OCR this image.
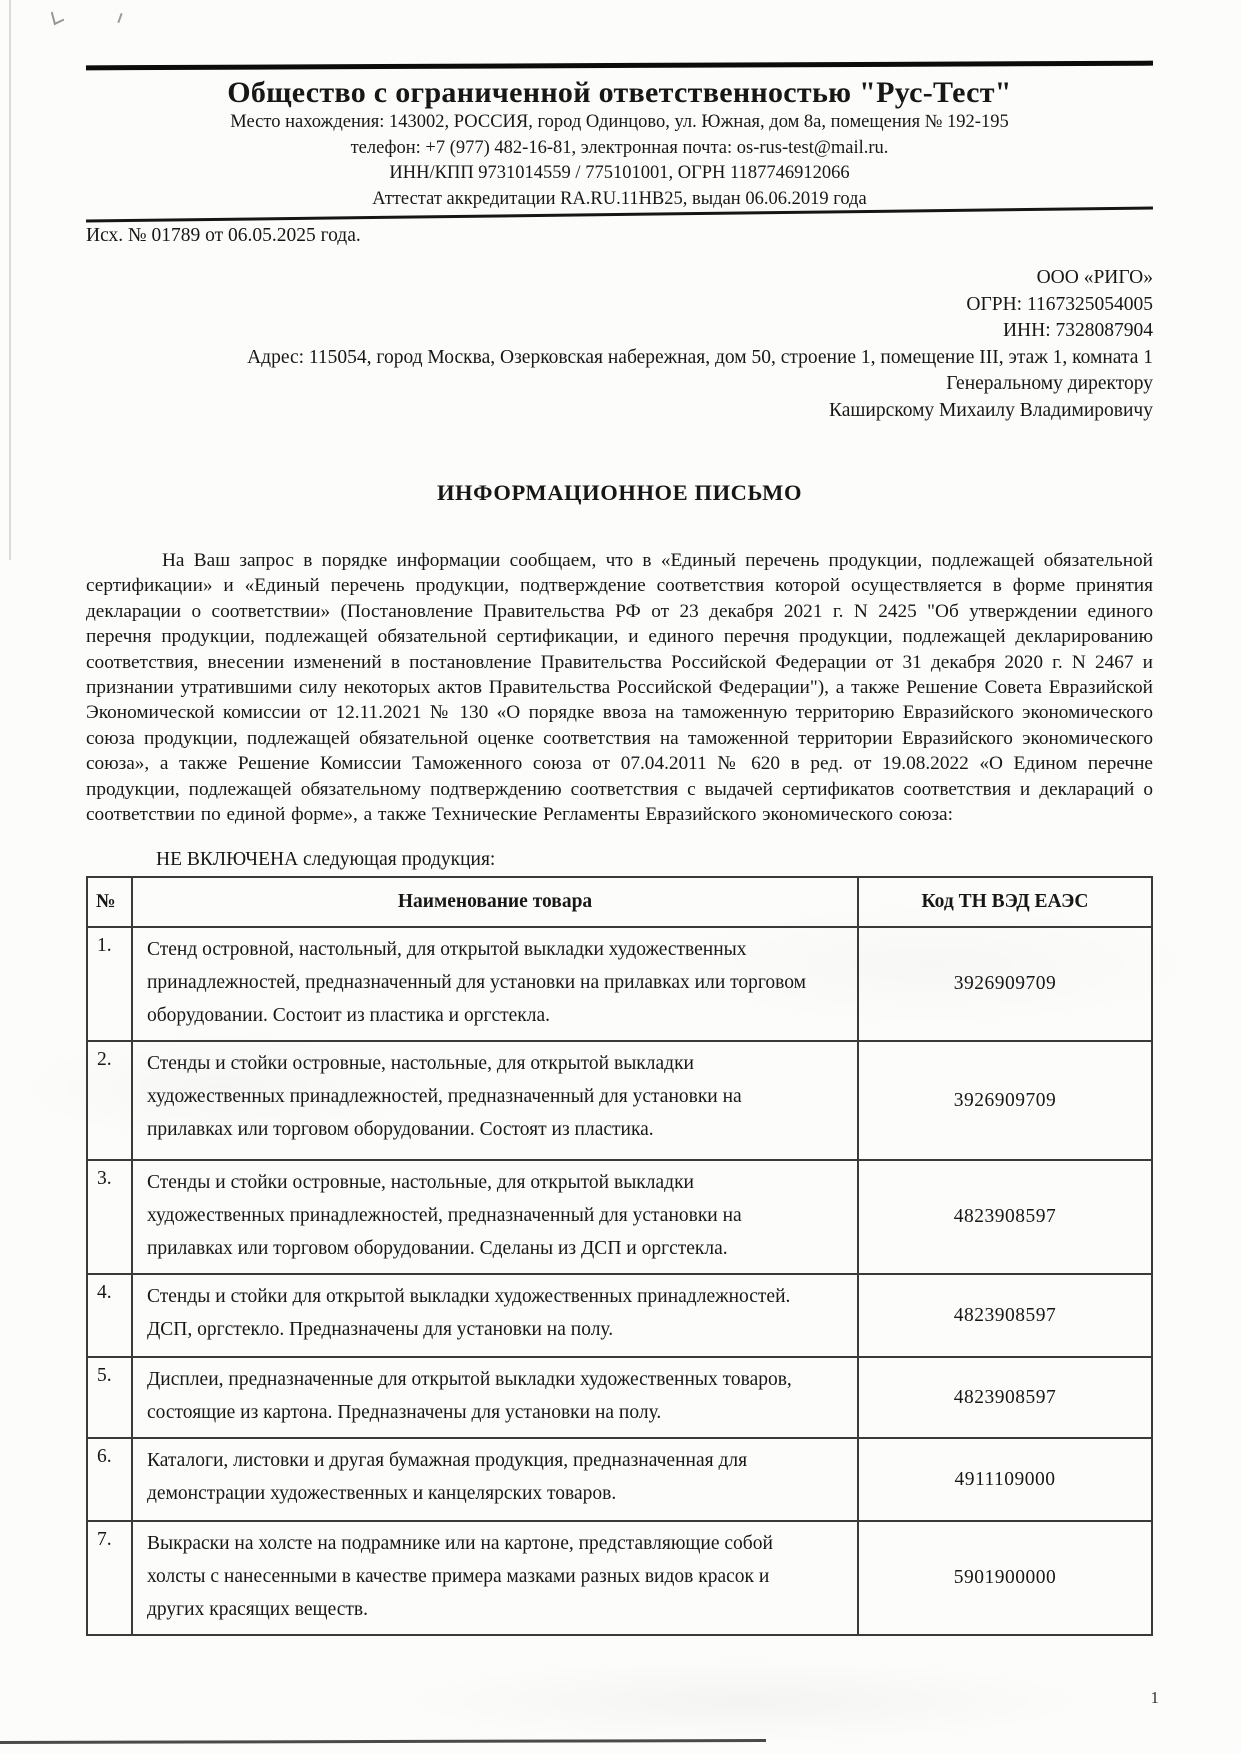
Общество с ограниченной ответственностью "Рус-Тест"
Место нахождения: 143002, РОССИЯ, город Одинцово, ул. Южная, дом 8а, помещения № 192-195
телефон: +7 (977) 482-16-81, электронная почта: os-rus-test@mail.ru.
ИНН/КПП 9731014559 / 775101001, ОГРН 1187746912066
Аттестат аккредитации RA.RU.11HB25, выдан 06.06.2019 года
Исх. № 01789 от 06.05.2025 года.
ООО «РИГО»
ОГРН: 1167325054005
ИНН: 7328087904
Адрес: 115054, город Москва, Озерковская набережная, дом 50, строение 1, помещение III, этаж 1, комната 1
Генеральному директору
Каширскому Михаилу Владимировичу
ИНФОРМАЦИОННОЕ ПИСЬМО
На Ваш запрос в порядке информации сообщаем, что в «Единый перечень продукции, подлежащей обязательной сертификации» и «Единый перечень продукции, подтверждение соответствия которой осуществляется в форме принятия декларации о соответствии» (Постановление Правительства РФ от 23 декабря 2021 г. N 2425 "Об утверждении единого перечня продукции, подлежащей обязательной сертификации, и единого перечня продукции, подлежащей декларированию соответствия, внесении изменений в постановление Правительства Российской Федерации от 31 декабря 2020 г. N 2467 и признании утратившими силу некоторых актов Правительства Российской Федерации"), а также Решение Совета Евразийской Экономической комиссии от 12.11.2021 № 130 «О порядке ввоза на таможенную территорию Евразийского экономического союза продукции, подлежащей обязательной оценке соответствия на таможенной территории Евразийского экономического союза», а также Решение Комиссии Таможенного союза от 07.04.2011 № 620 в ред. от 19.08.2022 «О Едином перечне продукции, подлежащей обязательному подтверждению соответствия с выдачей сертификатов соответствия и деклараций о соответствии по единой форме», а также Технические Регламенты Евразийского экономического союза:
НЕ ВКЛЮЧЕНА следующая продукция:
№	Наименование товара	Код ТН ВЭД ЕАЭС
1.	Стенд островной, настольный, для открытой выкладки художественных принадлежностей, предназначенный для установки на прилавках или торговом оборудовании. Состоит из пластика и оргстекла.	3926909709
2.	Стенды и стойки островные, настольные, для открытой выкладки художественных принадлежностей, предназначенный для установки на прилавках или торговом оборудовании. Состоят из пластика.	3926909709
3.	Стенды и стойки островные, настольные, для открытой выкладки художественных принадлежностей, предназначенный для установки на прилавках или торговом оборудовании. Сделаны из ДСП и оргстекла.	4823908597
4.	Стенды и стойки для открытой выкладки художественных принадлежностей. ДСП, оргстекло. Предназначены для установки на полу.	4823908597
5.	Дисплеи, предназначенные для открытой выкладки художественных товаров, состоящие из картона. Предназначены для установки на полу.	4823908597
6.	Каталоги, листовки и другая бумажная продукция, предназначенная для демонстрации художественных и канцелярских товаров.	4911109000
7.	Выкраски на холсте на подрамнике или на картоне, представляющие собой холсты с нанесенными в качестве примера мазками разных видов красок и других красящих веществ.	5901900000
1
